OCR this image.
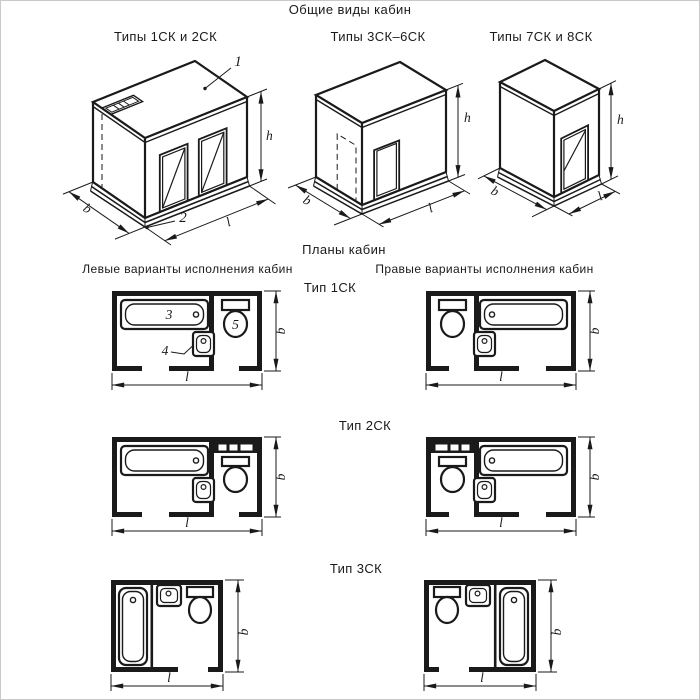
Общие виды кабин
Типы 1СК и 2СК	Типы 3СК–6СК	Типы 7СК и 8СК
Планы кабин
Левые варианты исполнения кабин	Правые варианты исполнения кабин
Тип 1СК
Тип 2СК
Тип 3СК
h
b
l
1
2
h
b	l
h
b	l
3
4
5
l
b
l
b
l
b
l
b
l
b
l
b
